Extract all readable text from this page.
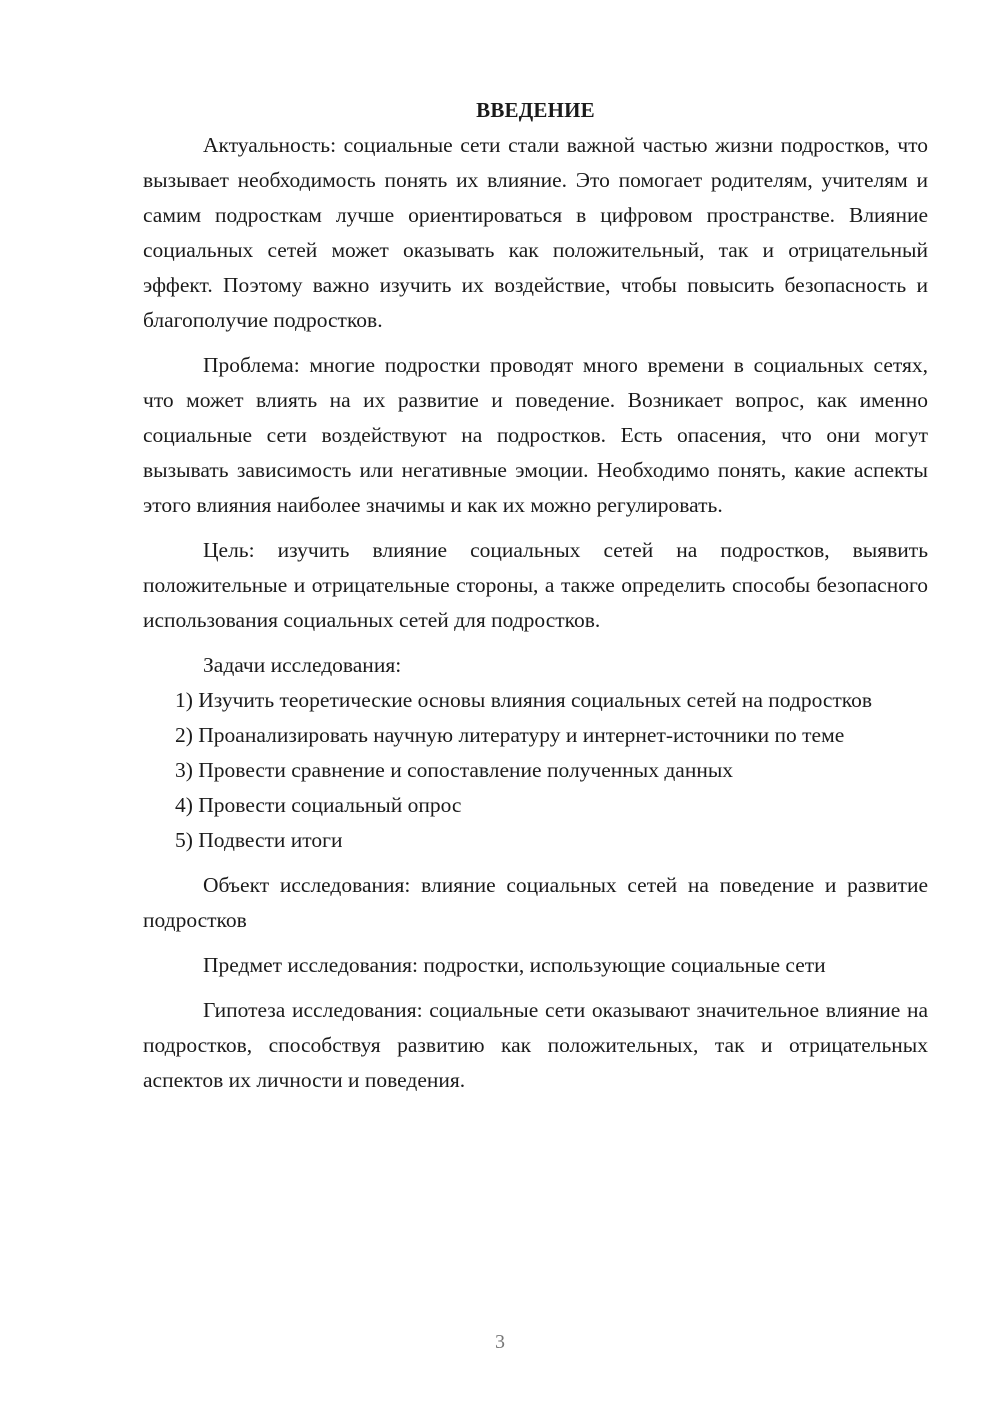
ВВЕДЕНИЕ

Актуальность: социальные сети стали важной частью жизни подростков, что вызывает необходимость понять их влияние. Это помогает родителям, учителям и самим подросткам лучше ориентироваться в цифровом пространстве. Влияние социальных сетей может оказывать как положительный, так и отрицательный эффект. Поэтому важно изучить их воздействие, чтобы повысить безопасность и благополучие подростков.

Проблема: многие подростки проводят много времени в социальных сетях, что может влиять на их развитие и поведение. Возникает вопрос, как именно социальные сети воздействуют на подростков. Есть опасения, что они могут вызывать зависимость или негативные эмоции. Необходимо понять, какие аспекты этого влияния наиболее значимы и как их можно регулировать.

Цель: изучить влияние социальных сетей на подростков, выявить положительные и отрицательные стороны, а также определить способы безопасного использования социальных сетей для подростков.

Задачи исследования:

1) Изучить теоретические основы влияния социальных сетей на подростков

2) Проанализировать научную литературу и интернет-источники по теме

3) Провести сравнение и сопоставление полученных данных

4) Провести социальный опрос

5) Подвести итоги

Объект исследования: влияние социальных сетей на поведение и развитие подростков

Предмет исследования: подростки, использующие социальные сети

Гипотеза исследования: социальные сети оказывают значительное влияние на подростков, способствуя развитию как положительных, так и отрицательных аспектов их личности и поведения.

3
